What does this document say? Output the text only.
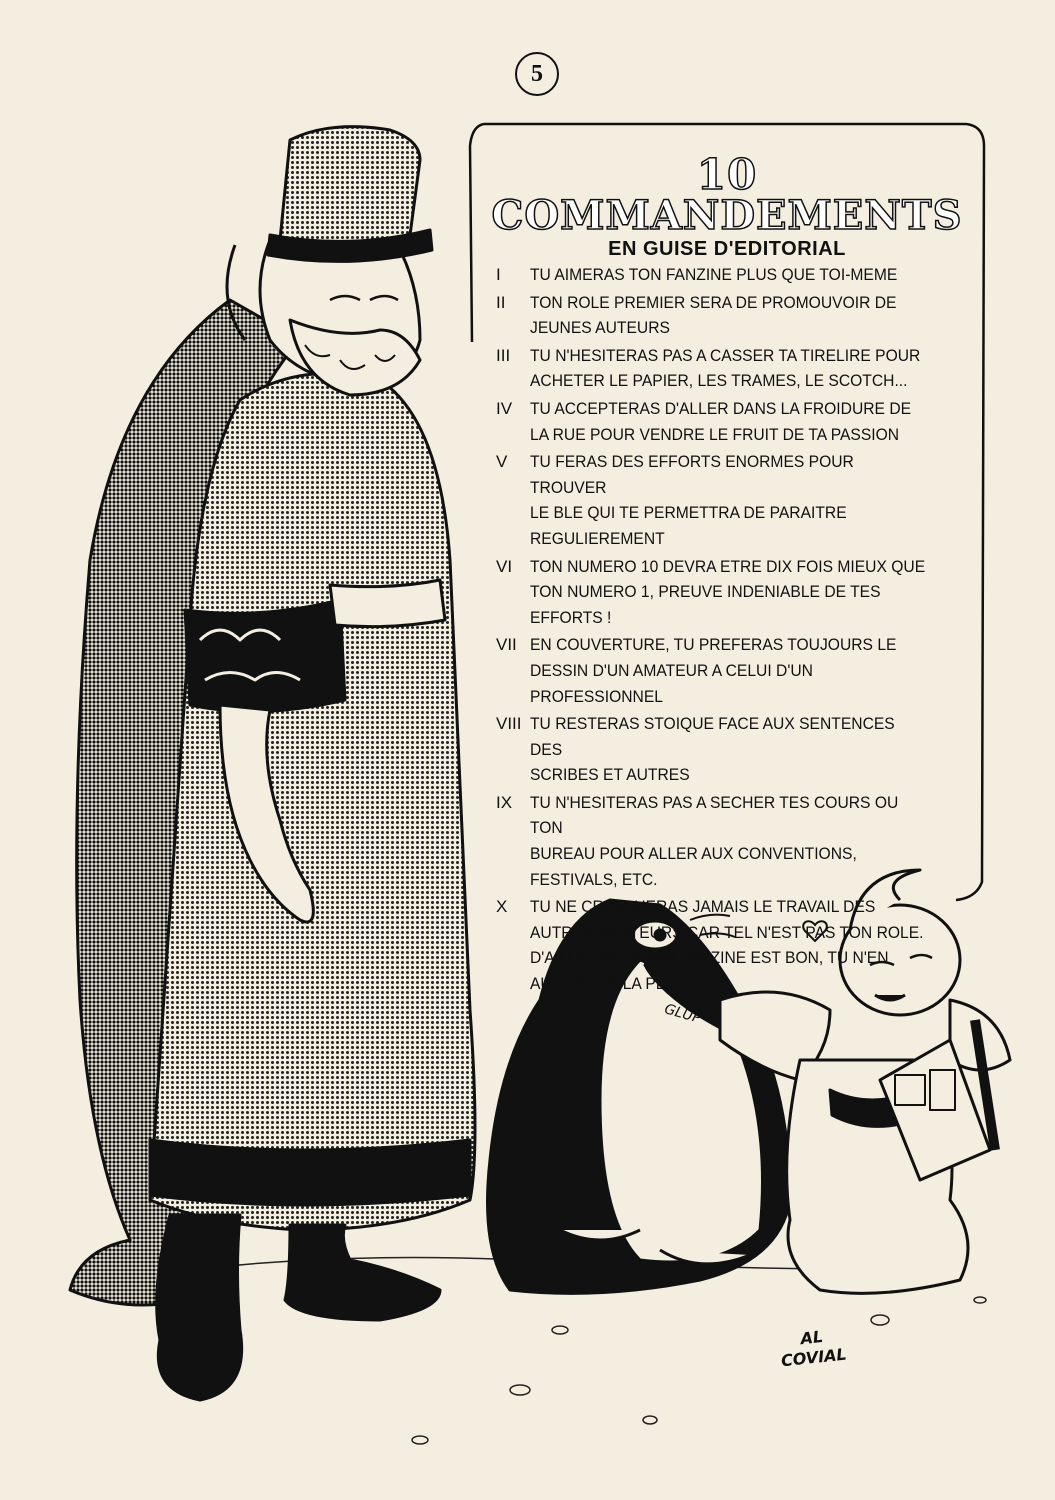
5
10
COMMANDEMENTS
EN GUISE D'EDITORIAL
I	TU AIMERAS TON FANZINE PLUS QUE TOI-MEME
II	TON ROLE PREMIER SERA DE PROMOUVOIR DE
JEUNES AUTEURS
III	TU N'HESITERAS PAS A CASSER TA TIRELIRE POUR
ACHETER LE PAPIER, LES TRAMES, LE SCOTCH...
IV	TU ACCEPTERAS D'ALLER DANS LA FROIDURE DE
LA RUE POUR VENDRE LE FRUIT DE TA PASSION
V	TU FERAS DES EFFORTS ENORMES POUR TROUVER
LE BLE QUI TE PERMETTRA DE PARAITRE
REGULIEREMENT
VI	TON NUMERO 10 DEVRA ETRE DIX FOIS MIEUX QUE
TON NUMERO 1, PREUVE INDENIABLE DE TES
EFFORTS !
VII EN COUVERTURE, TU PREFERAS TOUJOURS LE
DESSIN D'UN AMATEUR A CELUI D'UN
PROFESSIONNEL
VIII TU RESTERAS STOIQUE FACE AUX SENTENCES DES
SCRIBES ET AUTRES
IX	TU N'HESITERAS PAS A SECHER TES COURS OU TON
BUREAU POUR ALLER AUX CONVENTIONS,
FESTIVALS, ETC.
X	TU NE CRITIQUERAS JAMAIS LE TRAVAIL DES
AUTRES AMATEURS CAR TEL N'EST PAS TON ROLE.
D'AILLEURS SI TON FANZINE EST BON, TU N'EN
AURAS PAS LA PLACE
GLUP
AL
COVIAL
